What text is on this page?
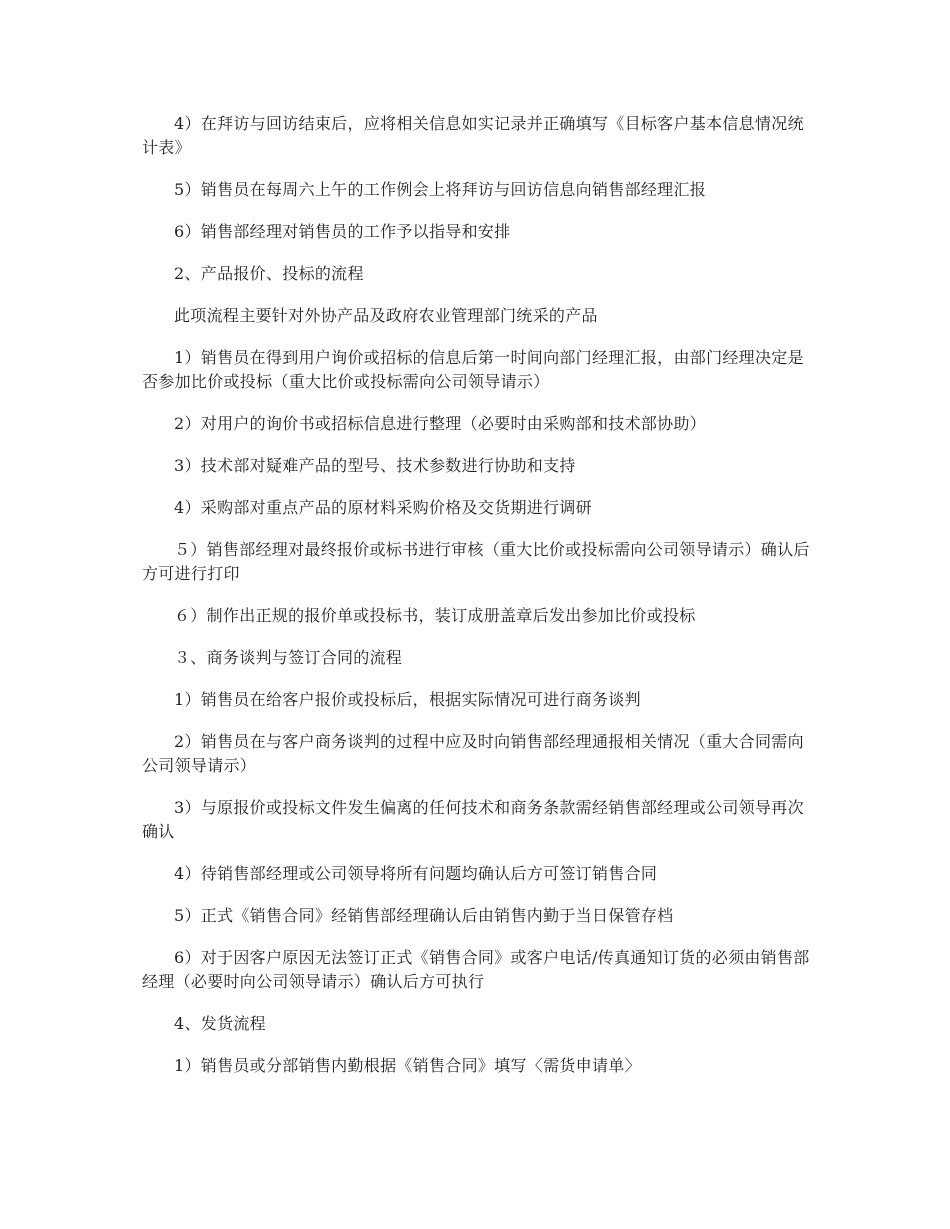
4）在拜访与回访结束后，应将相关信息如实记录并正确填写《目标客户基本信息情况统计表》

5）销售员在每周六上午的工作例会上将拜访与回访信息向销售部经理汇报

6）销售部经理对销售员的工作予以指导和安排

2、产品报价、投标的流程

此项流程主要针对外协产品及政府农业管理部门统采的产品

1）销售员在得到用户询价或招标的信息后第一时间向部门经理汇报，由部门经理决定是否参加比价或投标（重大比价或投标需向公司领导请示）

2）对用户的询价书或招标信息进行整理（必要时由采购部和技术部协助）

3）技术部对疑难产品的型号、技术参数进行协助和支持

4）采购部对重点产品的原材料采购价格及交货期进行调研

５）销售部经理对最终报价或标书进行审核（重大比价或投标需向公司领导请示）确认后方可进行打印

６）制作出正规的报价单或投标书，装订成册盖章后发出参加比价或投标

３、商务谈判与签订合同的流程

1）销售员在给客户报价或投标后，根据实际情况可进行商务谈判

2）销售员在与客户商务谈判的过程中应及时向销售部经理通报相关情况（重大合同需向公司领导请示）

3）与原报价或投标文件发生偏离的任何技术和商务条款需经销售部经理或公司领导再次确认

4）待销售部经理或公司领导将所有问题均确认后方可签订销售合同

5）正式《销售合同》经销售部经理确认后由销售内勤于当日保管存档

6）对于因客户原因无法签订正式《销售合同》或客户电话/传真通知订货的必须由销售部经理（必要时向公司领导请示）确认后方可执行

4、发货流程

1）销售员或分部销售内勤根据《销售合同》填写〈需货申请单〉
